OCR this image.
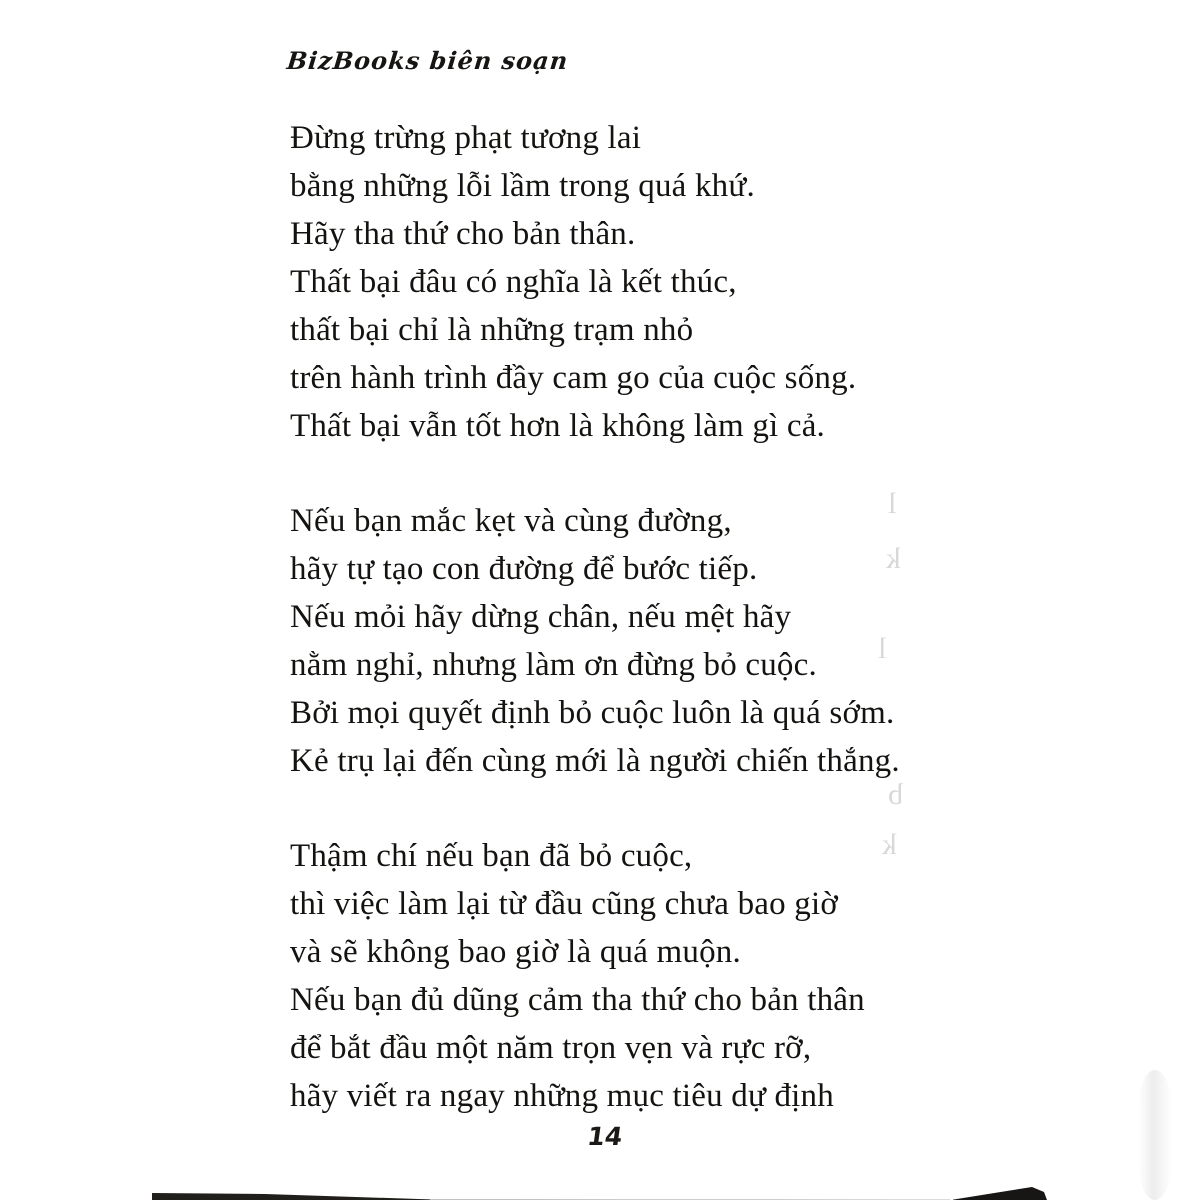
BizBooks biên soạn

Đừng trừng phạt tương lai

bằng những lỗi lầm trong quá khứ.

Hãy tha thứ cho bản thân.

Thất bại đâu có nghĩa là kết thúc,

thất bại chỉ là những trạm nhỏ

trên hành trình đầy cam go của cuộc sống.

Thất bại vẫn tốt hơn là không làm gì cả.

Nếu bạn mắc kẹt và cùng đường,

hãy tự tạo con đường để bước tiếp.

Nếu mỏi hãy dừng chân, nếu mệt hãy

nằm nghỉ, nhưng làm ơn đừng bỏ cuộc.

Bởi mọi quyết định bỏ cuộc luôn là quá sớm.

Kẻ trụ lại đến cùng mới là người chiến thắng.

Thậm chí nếu bạn đã bỏ cuộc,

thì việc làm lại từ đầu cũng chưa bao giờ

và sẽ không bao giờ là quá muộn.

Nếu bạn đủ dũng cảm tha thứ cho bản thân

để bắt đầu một năm trọn vẹn và rực rỡ,

hãy viết ra ngay những mục tiêu dự định

l
k
l
b
k
14
